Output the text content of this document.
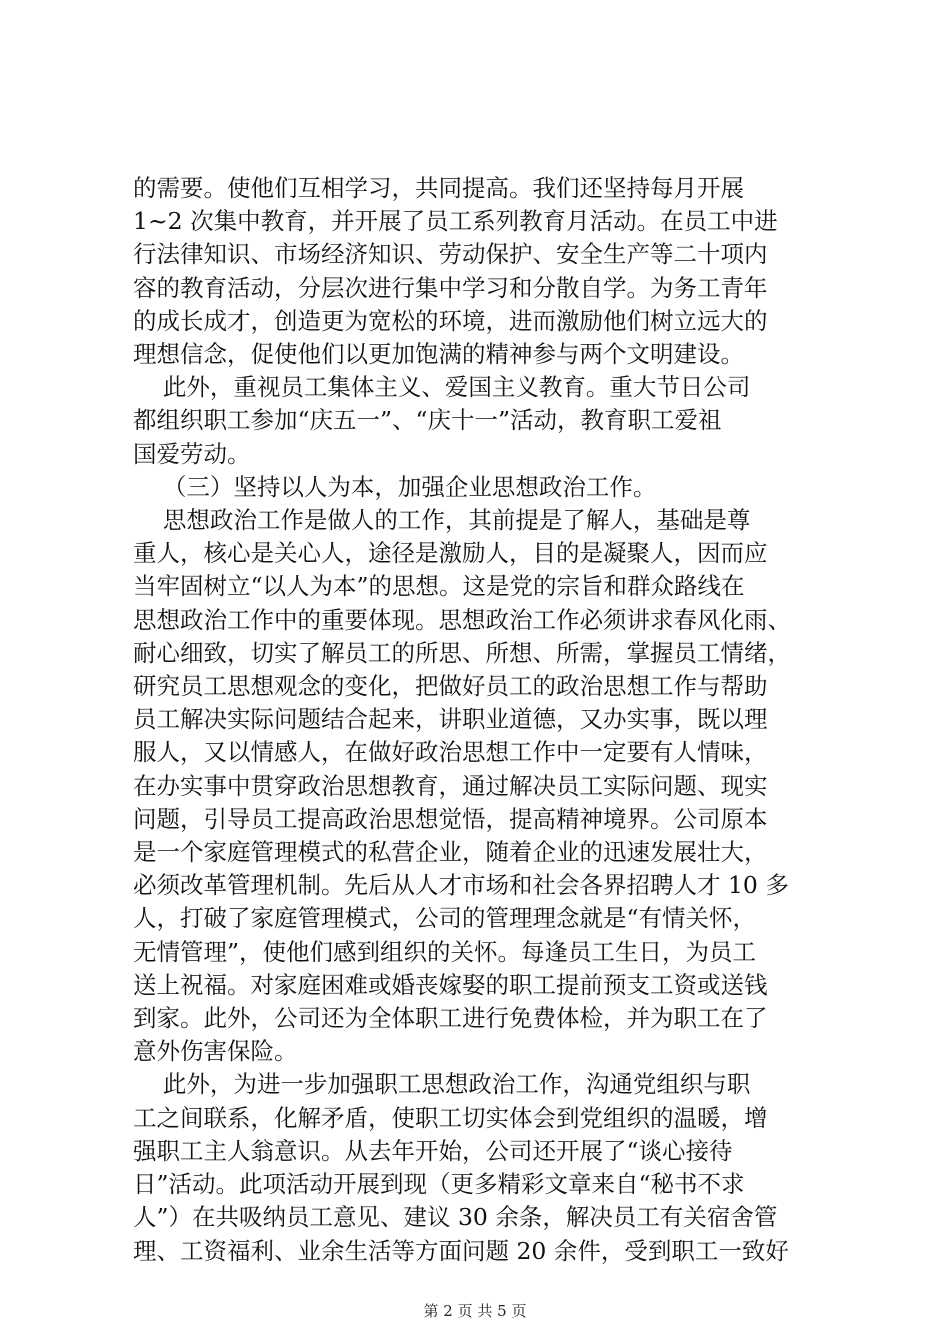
的需要。使他们互相学习，共同提高。我们还坚持每月开展

1~2 次集中教育，并开展了员工系列教育月活动。在员工中进

行法律知识、市场经济知识、劳动保护、安全生产等二十项内

容的教育活动，分层次进行集中学习和分散自学。为务工青年

的成长成才，创造更为宽松的环境，进而激励他们树立远大的

理想信念，促使他们以更加饱满的精神参与两个文明建设。

此外，重视员工集体主义、爱国主义教育。重大节日公司

都组织职工参加“庆五一”、“庆十一”活动，教育职工爱祖

国爱劳动。

（三）坚持以人为本，加强企业思想政治工作。

思想政治工作是做人的工作，其前提是了解人，基础是尊

重人，核心是关心人，途径是激励人，目的是凝聚人，因而应

当牢固树立“以人为本”的思想。这是党的宗旨和群众路线在

思想政治工作中的重要体现。思想政治工作必须讲求春风化雨、

耐心细致，切实了解员工的所思、所想、所需，掌握员工情绪，

研究员工思想观念的变化，把做好员工的政治思想工作与帮助

员工解决实际问题结合起来，讲职业道德，又办实事，既以理

服人，又以情感人，在做好政治思想工作中一定要有人情味，

在办实事中贯穿政治思想教育，通过解决员工实际问题、现实

问题，引导员工提高政治思想觉悟，提高精神境界。公司原本

是一个家庭管理模式的私营企业，随着企业的迅速发展壮大，

必须改革管理机制。先后从人才市场和社会各界招聘人才 10 多

人，打破了家庭管理模式，公司的管理理念就是“有情关怀，

无情管理”，使他们感到组织的关怀。每逢员工生日，为员工

送上祝福。对家庭困难或婚丧嫁娶的职工提前预支工资或送钱

到家。此外，公司还为全体职工进行免费体检，并为职工在了

意外伤害保险。

此外，为进一步加强职工思想政治工作，沟通党组织与职

工之间联系，化解矛盾，使职工切实体会到党组织的温暖，增

强职工主人翁意识。从去年开始，公司还开展了“谈心接待

日”活动。此项活动开展到现（更多精彩文章来自“秘书不求

人”）在共吸纳员工意见、建议 30 余条，解决员工有关宿舍管

理、工资福利、业余生活等方面问题 20 余件，受到职工一致好

第 2 页 共 5 页
